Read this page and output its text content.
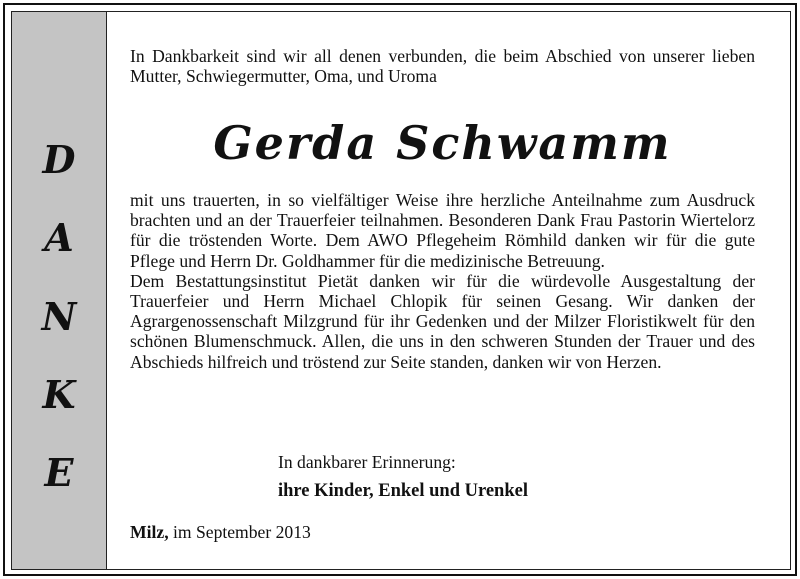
D
A
N
K
E
In Dankbarkeit sind wir all denen verbunden, die beim Abschied von unserer lieben Mutter, Schwiegermutter, Oma, und Uroma
Gerda Schwamm

mit uns trauerten, in so vielfältiger Weise ihre herzliche Anteilnahme zum Ausdruck brachten und an der Trauerfeier teilnahmen. Besonderen Dank Frau Pastorin Wiertelorz für die tröstenden Worte. Dem AWO Pflegeheim Römhild danken wir für die gute Pflege und Herrn Dr. Goldhammer für die medizinische Betreuung.

Dem Bestattungsinstitut Pietät danken wir für die würdevolle Ausgestaltung der Trauerfeier und Herrn Michael Chlopik für seinen Gesang. Wir danken der Agrargenossenschaft Milzgrund für ihr Gedenken und der Milzer Floristikwelt für den schönen Blumenschmuck. Allen, die uns in den schweren Stunden der Trauer und des Abschieds hilfreich und tröstend zur Seite standen, danken wir von Herzen.

In dankbarer Erinnerung:
ihre Kinder, Enkel und Urenkel
Milz, im September 2013
